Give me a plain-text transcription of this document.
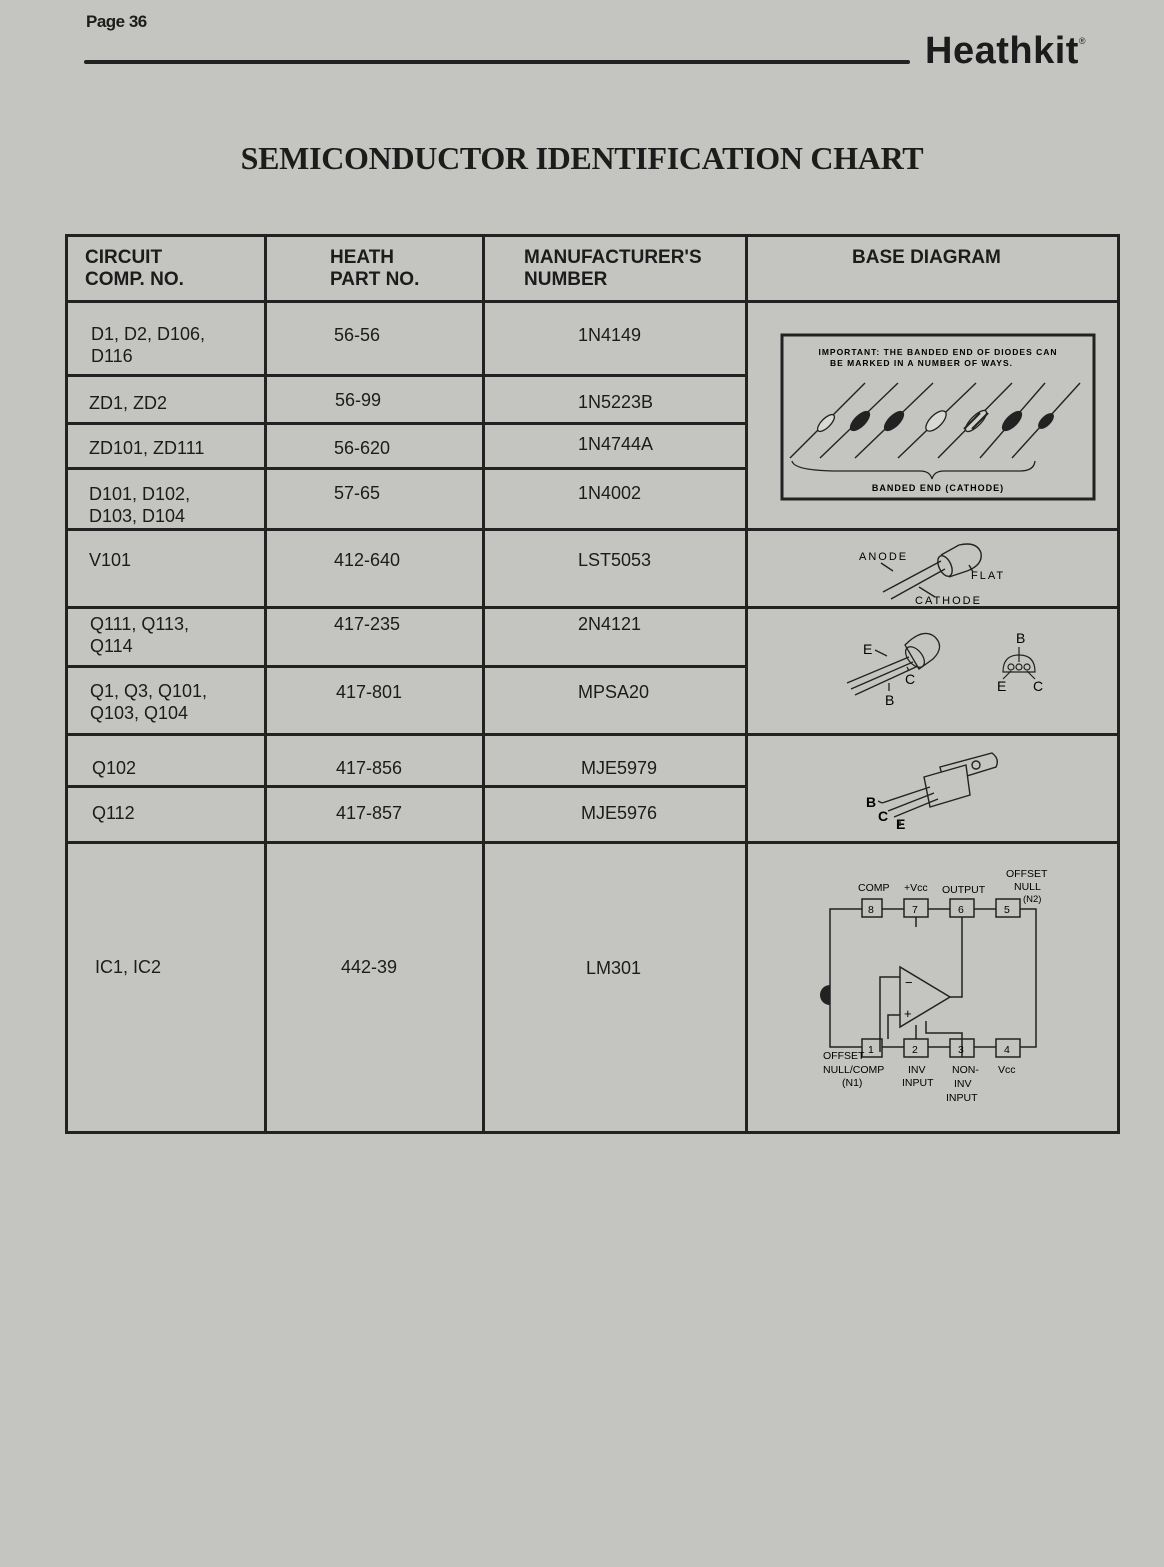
Page 36
Heathkit®
SEMICONDUCTOR IDENTIFICATION CHART
CIRCUIT
COMP. NO.
HEATH
PART NO.
MANUFACTURER'S
NUMBER
BASE DIAGRAM
D1, D2, D106,
D116
56-56	1N4149
ZD1, ZD2	56-99	1N5223B
ZD101, ZD111	56-620	1N4744A
D101, D102,
D103, D104
57-65	1N4002
V101	412-640	LST5053
Q111, Q113,
Q114
417-235	2N4121
Q1, Q3, Q101,
Q103, Q104
417-801	MPSA20
Q102	417-856	MJE5979
Q112	417-857	MJE5976
IC1, IC2	442-39	LM301
IMPORTANT: THE BANDED END OF DIODES CAN
BE MARKED IN A NUMBER OF WAYS.
BANDED END (CATHODE)
ANODE
FLAT
CATHODE
E
B
C
B
E C
B
C E
COMP +Vcc OUTPUT
OFFSET
NULL
(N2)
−
+
8	7	6	5
1	2	3	4
OFFSET
NULL/COMP
(N1)
INV
INPUT
NON-
INV
INPUT
Vcc
